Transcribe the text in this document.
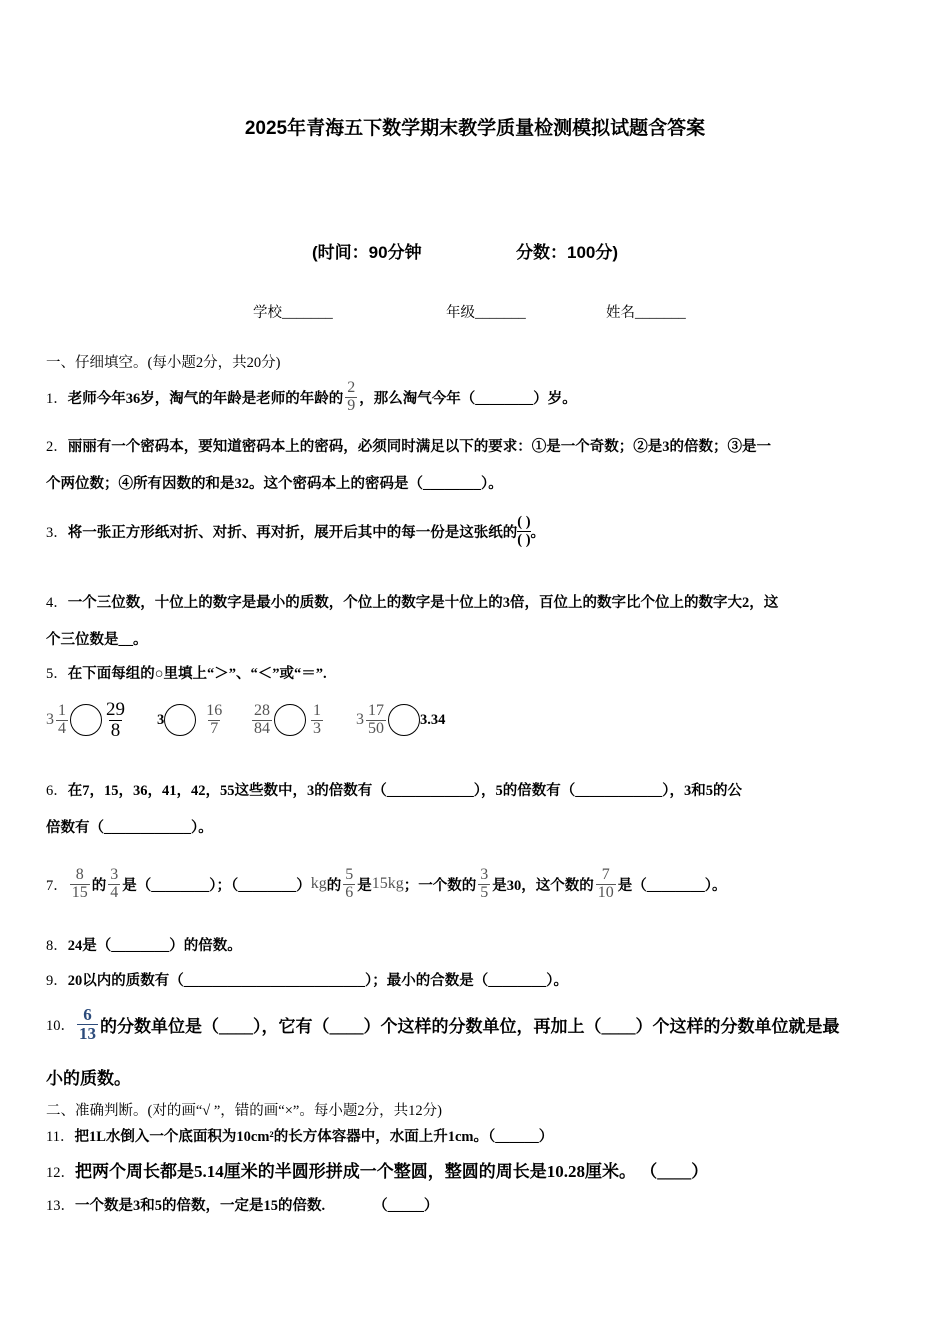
2025年青海五下数学期末教学质量检测模拟试题含答案
(时间：90分钟	分数：100分)
学校_______	年级_______	姓名_______
一、仔细填空。(每小题2分，共20分)
1． 老师今年36岁，淘气的年龄是老师的年龄的 $\frac{2}{9}$ ，那么淘气今年（________）岁。
2．丽丽有一个密码本，要知道密码本上的密码，必须同时满足以下的要求：①是一个奇数；②是3的倍数；③是一
个两位数；④所有因数的和是32。这个密码本上的密码是（________）。
3． 将一张正方形纸对折、对折、再对折，展开后其中的每一份是这张纸的
( )
( ) 。
4．一个三位数，十位上的数字是最小的质数，个位上的数字是十位上的3倍，百位上的数字比个位上的数字大2，这
个三位数是__。
5．在下面每组的○里填上“＞”、“＜”或“＝”.
$3 \frac{1}{4} \frac{29}{8} 3$	$\frac{16}{7} \frac{28}{84} \frac{1}{3} 3 \frac{17}{50} 3.34$
6．在7，15，36，41，42，55这些数中，3的倍数有（____________），5的倍数有（____________），3和5的公
倍数有（____________）。
7． $\frac{8}{15}$ 的 $\frac{3}{4}$ 是（________）；（________） kg 的 $\frac{5}{6}$ 是 15kg ；一个数的 $\frac{3}{5}$ 是30，这个数的 $\frac{7}{10}$ 是（________）。
8．24是（________）的倍数。
9．20以内的质数有（_________________________）；最小的合数是（________）。
10． $\frac{6}{13}$ 的分数单位是（____），它有（____）个这样的分数单位，再加上（____）个这样的分数单位就是最
小的质数。
二、准确判断。(对的画“√ ”，错的画“×”。每小题2分，共12分)
11．把1L水倒入一个底面积为10cm²的长方体容器中，水面上升1cm。（______）
12．把两个周长都是5.14厘米的半圆形拼成一个整圆，整圆的周长是10.28厘米。 （____）
13．一个数是3和5的倍数，一定是15的倍数.	（_____）
